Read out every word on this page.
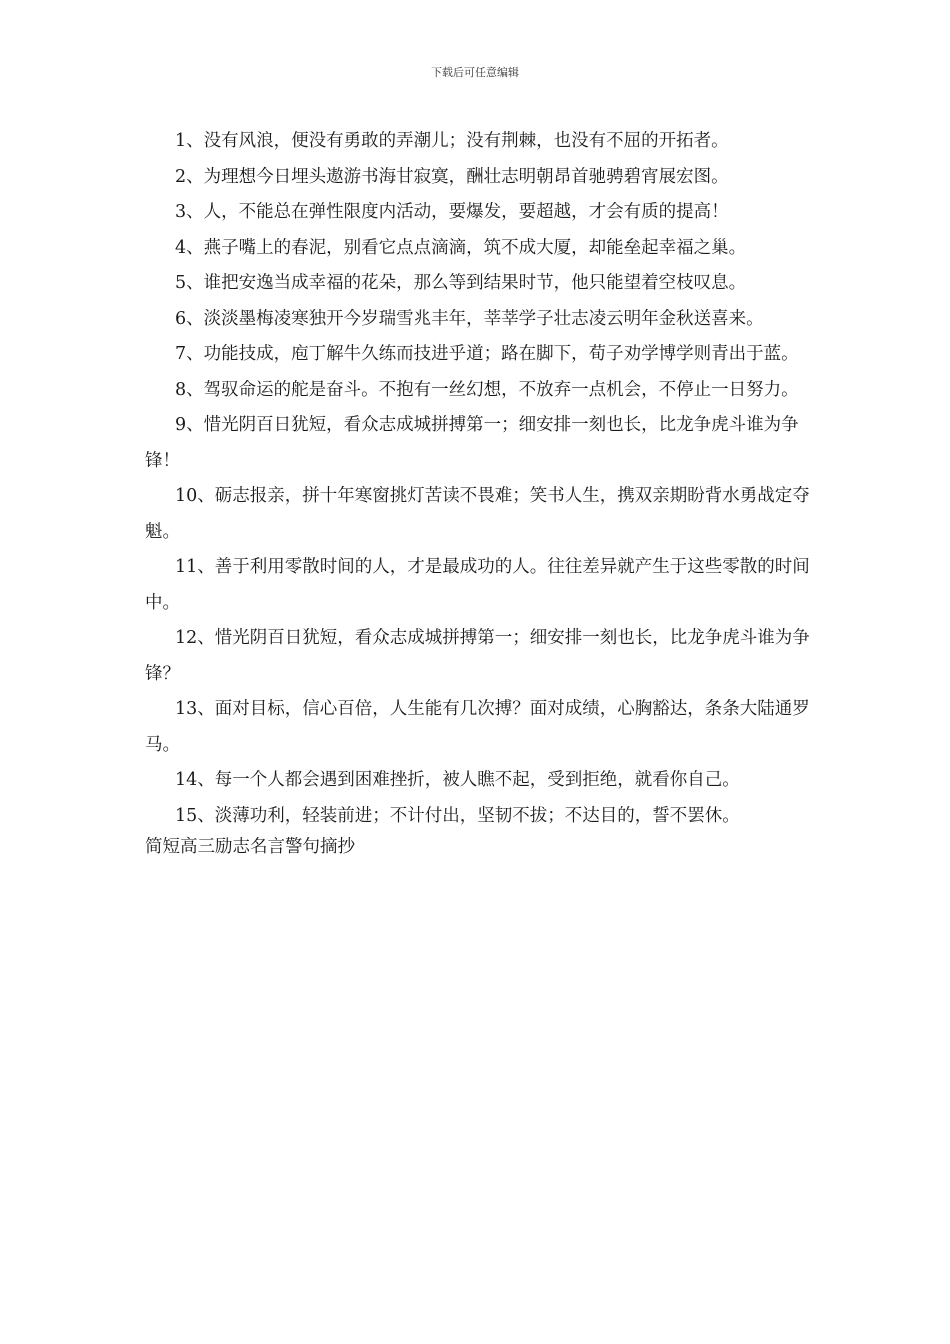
下载后可任意编辑

1、没有风浪，便没有勇敢的弄潮儿；没有荆棘，也没有不屈的开拓者。

2、为理想今日埋头遨游书海甘寂寞，酬壮志明朝昂首驰骋碧宵展宏图。

3、人，不能总在弹性限度内活动，要爆发，要超越，才会有质的提高！

4、燕子嘴上的春泥，别看它点点滴滴，筑不成大厦，却能垒起幸福之巢。

5、谁把安逸当成幸福的花朵，那么等到结果时节，他只能望着空枝叹息。

6、淡淡墨梅凌寒独开今岁瑞雪兆丰年，莘莘学子壮志凌云明年金秋送喜来。

7、功能技成，庖丁解牛久练而技进乎道；路在脚下，荀子劝学博学则青出于蓝。

8、驾驭命运的舵是奋斗。不抱有一丝幻想，不放弃一点机会，不停止一日努力。

9、惜光阴百日犹短，看众志成城拼搏第一；细安排一刻也长，比龙争虎斗谁为争锋！

10、砺志报亲，拼十年寒窗挑灯苦读不畏难；笑书人生，携双亲期盼背水勇战定夺魁。

11、善于利用零散时间的人，才是最成功的人。往往差异就产生于这些零散的时间中。

12、惜光阴百日犹短，看众志成城拼搏第一；细安排一刻也长，比龙争虎斗谁为争锋？

13、面对目标，信心百倍，人生能有几次搏？面对成绩，心胸豁达，条条大陆通罗马。

14、每一个人都会遇到困难挫折，被人瞧不起，受到拒绝，就看你自己。

15、淡薄功利，轻装前进；不计付出，坚韧不拔；不达目的，誓不罢休。

简短高三励志名言警句摘抄
